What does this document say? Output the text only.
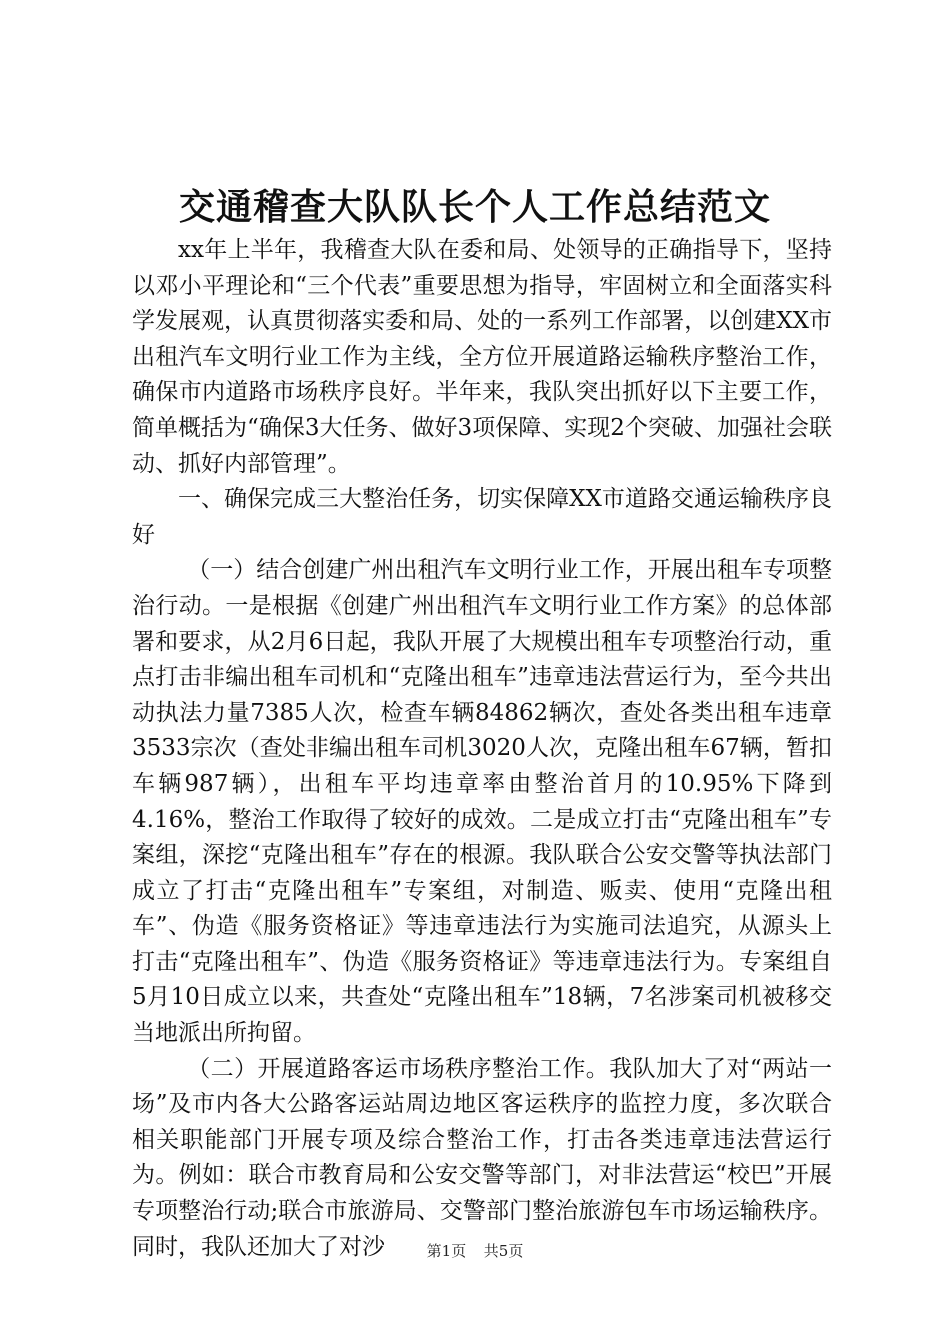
交通稽查大队队长个人工作总结范文

xx年上半年，我稽查大队在委和局、处领导的正确指导下，坚持以邓小平理论和“三个代表”重要思想为指导，牢固树立和全面落实科学发展观，认真贯彻落实委和局、处的一系列工作部署，以创建XX市出租汽车文明行业工作为主线，全方位开展道路运输秩序整治工作，确保市内道路市场秩序良好。半年来，我队突出抓好以下主要工作，简单概括为“确保3大任务、做好3项保障、实现2个突破、加强社会联动、抓好内部管理”。

一、确保完成三大整治任务，切实保障XX市道路交通运输秩序良好

（一）结合创建广州出租汽车文明行业工作，开展出租车专项整治行动。一是根据《创建广州出租汽车文明行业工作方案》的总体部署和要求，从2月6日起，我队开展了大规模出租车专项整治行动，重点打击非编出租车司机和“克隆出租车”违章违法营运行为，至今共出动执法力量7385人次，检查车辆84862辆次，查处各类出租车违章3533宗次（查处非编出租车司机3020人次，克隆出租车67辆，暂扣车辆987辆），出租车平均违章率由整治首月的10.95%下降到4.16%，整治工作取得了较好的成效。二是成立打击“克隆出租车”专案组，深挖“克隆出租车”存在的根源。我队联合公安交警等执法部门成立了打击“克隆出租车”专案组，对制造、贩卖、使用“克隆出租车”、伪造《服务资格证》等违章违法行为实施司法追究，从源头上打击“克隆出租车”、伪造《服务资格证》等违章违法行为。专案组自5月10日成立以来，共查处“克隆出租车”18辆，7名涉案司机被移交当地派出所拘留。

（二）开展道路客运市场秩序整治工作。我队加大了对“两站一场”及市内各大公路客运站周边地区客运秩序的监控力度，多次联合相关职能部门开展专项及综合整治工作，打击各类违章违法营运行为。例如：联合市教育局和公安交警等部门，对非法营运“校巴”开展专项整治行动;联合市旅游局、交警部门整治旅游包车市场运输秩序。同时，我队还加大了对沙	第1页 共5页
